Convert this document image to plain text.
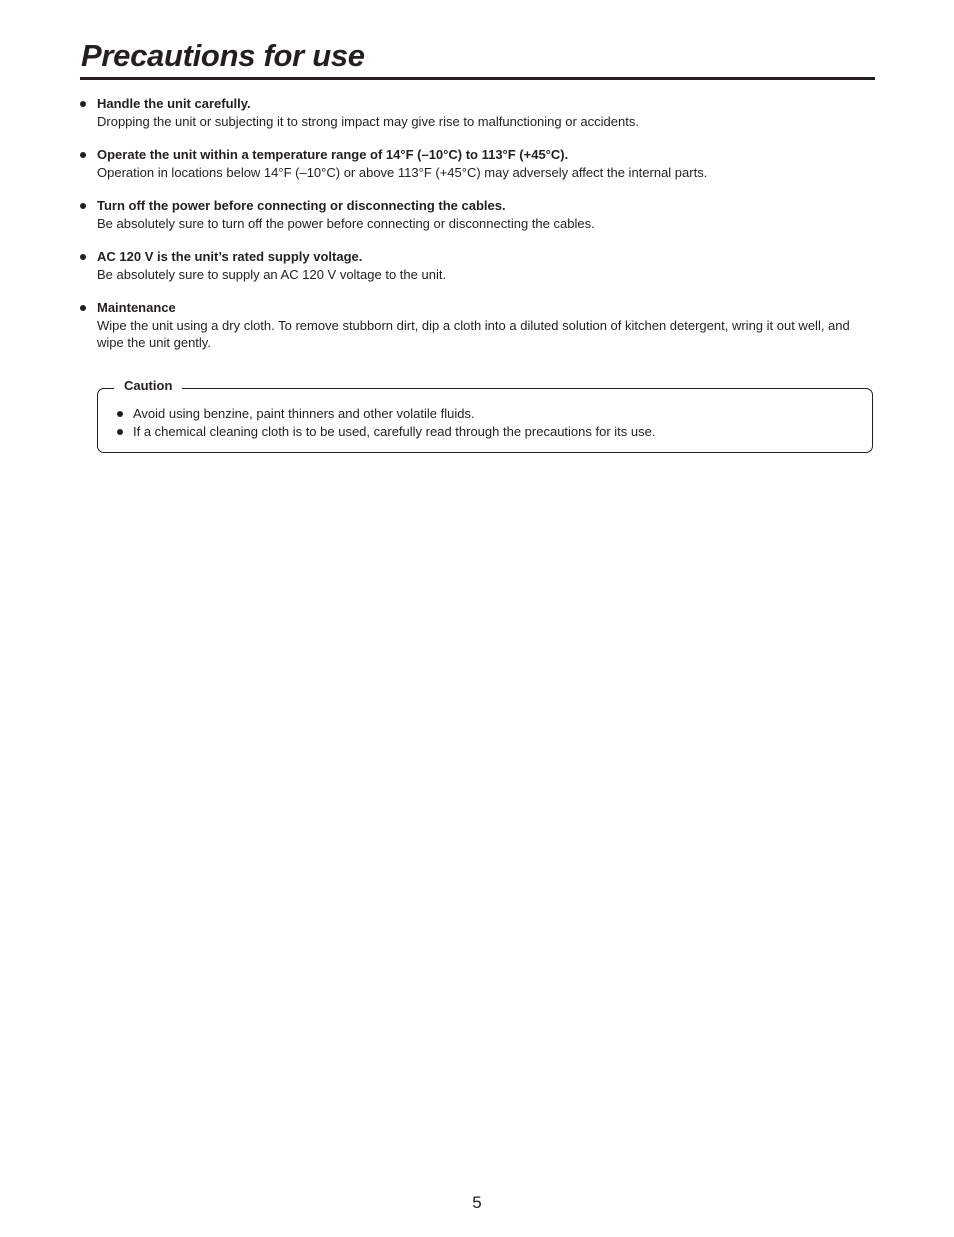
Precautions for use
Handle the unit carefully.
Dropping the unit or subjecting it to strong impact may give rise to malfunctioning or accidents.
Operate the unit within a temperature range of 14°F (–10°C) to 113°F (+45°C).
Operation in locations below 14°F (–10°C) or above 113°F (+45°C) may adversely affect the internal parts.
Turn off the power before connecting or disconnecting the cables.
Be absolutely sure to turn off the power before connecting or disconnecting the cables.
AC 120 V is the unit’s rated supply voltage.
Be absolutely sure to supply an AC 120 V voltage to the unit.
Maintenance
Wipe the unit using a dry cloth. To remove stubborn dirt, dip a cloth into a diluted solution of kitchen detergent, wring it out well, and wipe the unit gently.
Caution
Avoid using benzine, paint thinners and other volatile fluids.
If a chemical cleaning cloth is to be used, carefully read through the precautions for its use.
5
